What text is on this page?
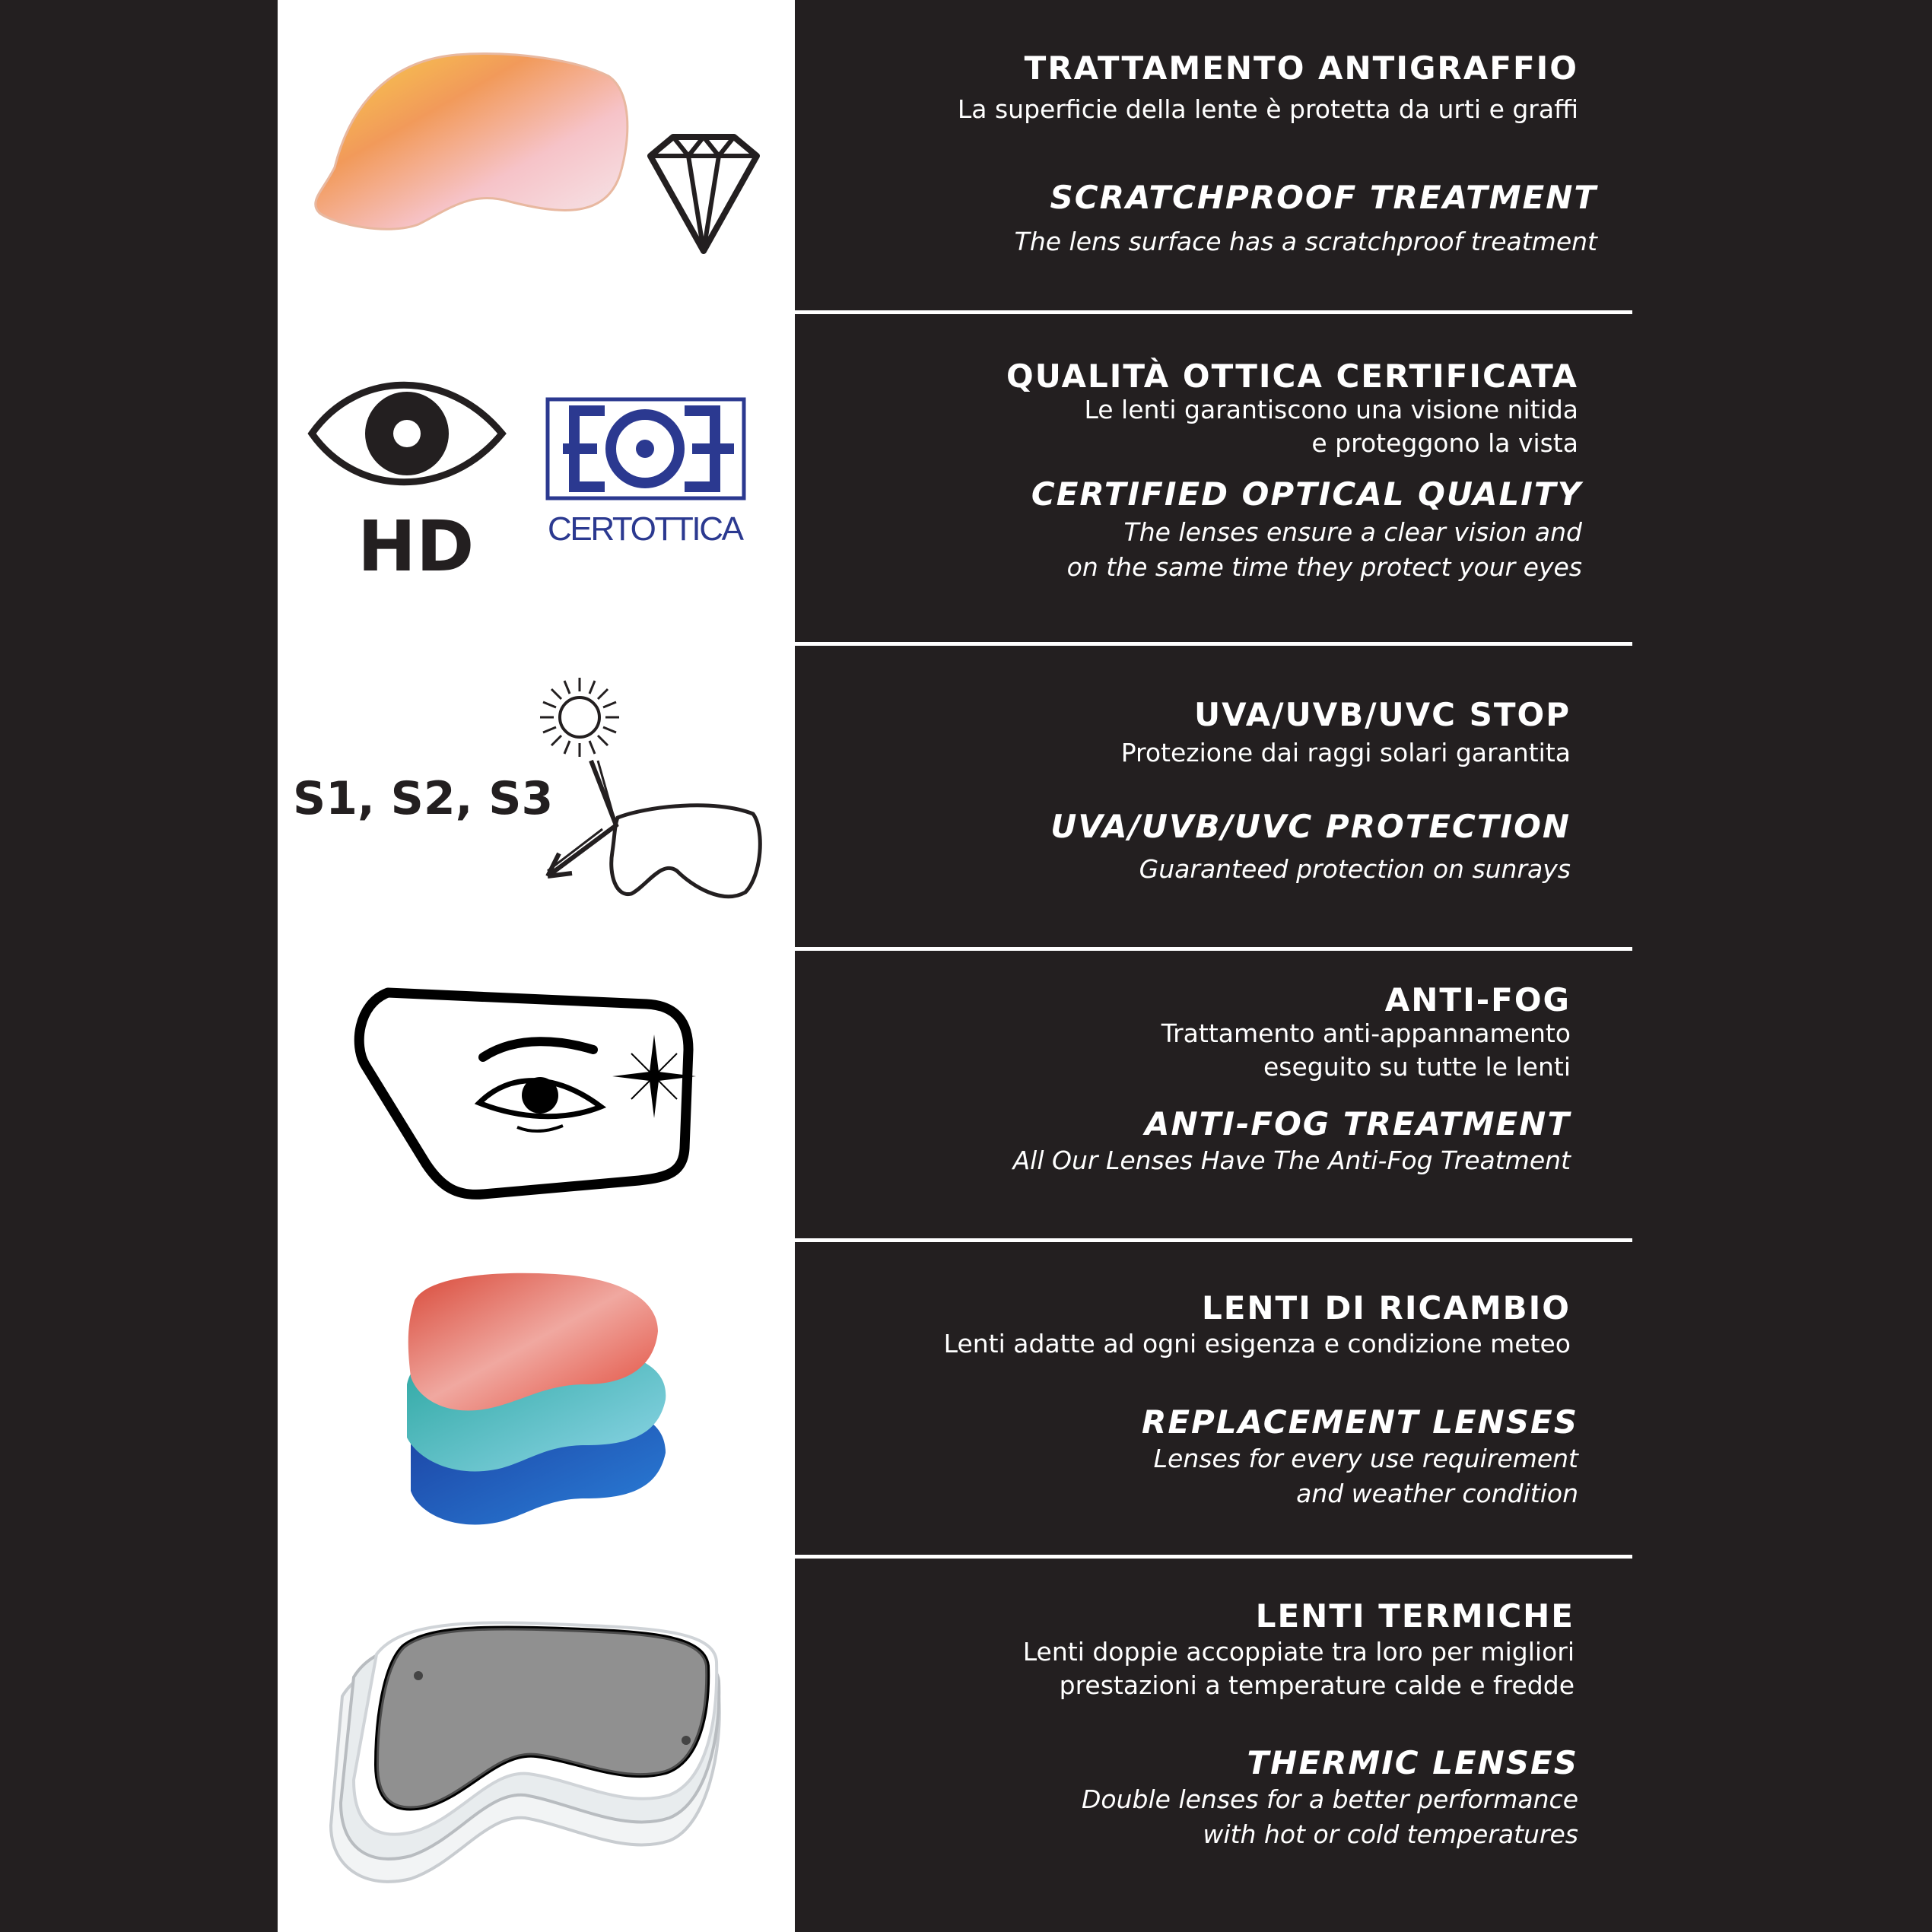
TRATTAMENTO ANTIGRAFFIO
La superficie della lente è protetta da urti e graffi
SCRATCHPROOF TREATMENT
The lens surface has a scratchproof treatment
HD CERTOTTICA
QUALITÀ OTTICA CERTIFICATA
Le lenti garantiscono una visione nitida
e proteggono la vista
CERTIFIED OPTICAL QUALITY
The lenses ensure a clear vision and
on the same time they protect your eyes
S1, S2, S3
UVA/UVB/UVC STOP
Protezione dai raggi solari garantita
UVA/UVB/UVC PROTECTION
Guaranteed protection on sunrays
ANTI-FOG
Trattamento anti-appannamento
eseguito su tutte le lenti
ANTI-FOG TREATMENT
All Our Lenses Have The Anti-Fog Treatment
LENTI DI RICAMBIO
Lenti adatte ad ogni esigenza e condizione meteo
REPLACEMENT LENSES
Lenses for every use requirement
and weather condition
LENTI TERMICHE
Lenti doppie accoppiate tra loro per migliori
prestazioni a temperature calde e fredde
THERMIC LENSES
Double lenses for a better performance
with hot or cold temperatures
